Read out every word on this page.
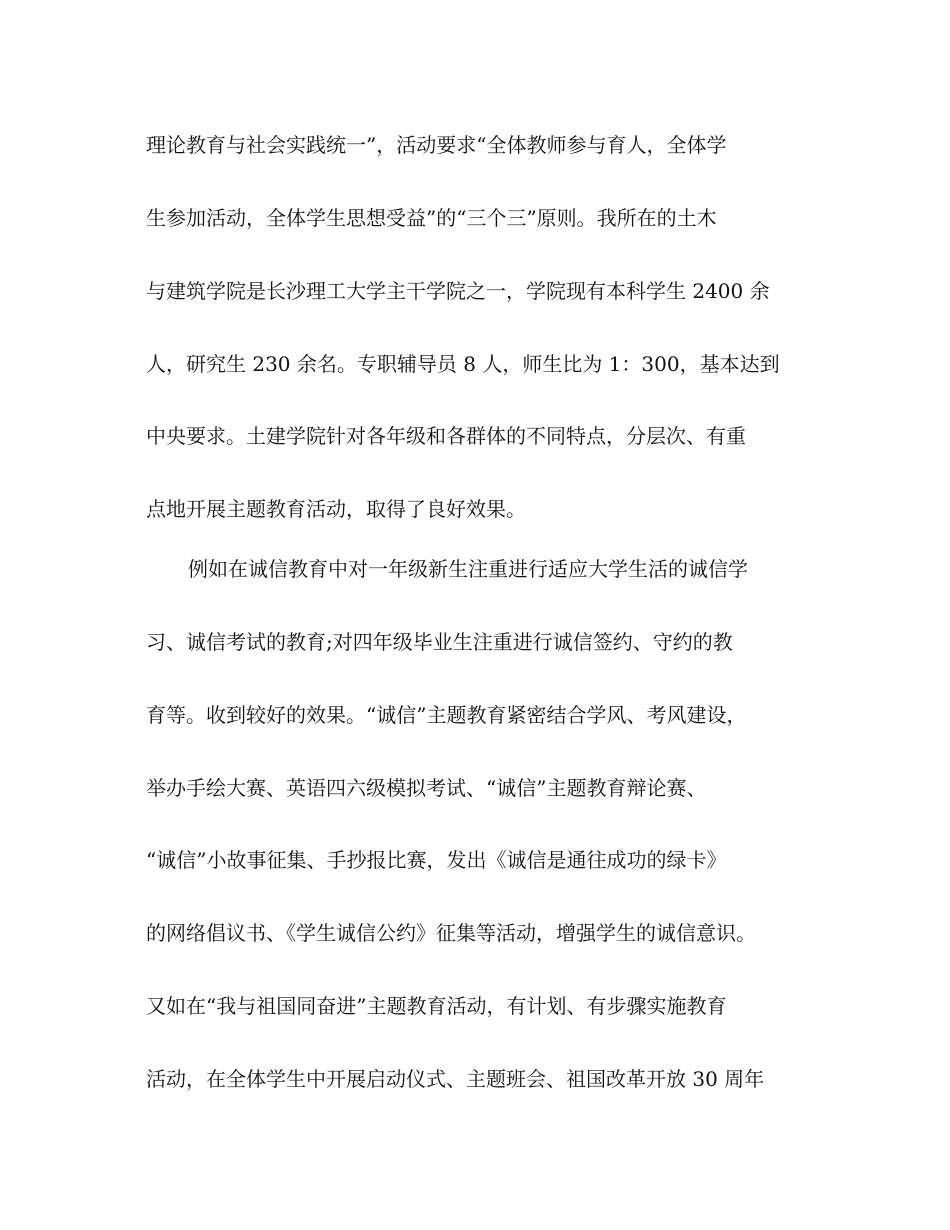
理论教育与社会实践统一”，活动要求“全体教师参与育人，全体学
生参加活动，全体学生思想受益”的“三个三”原则。我所在的土木
与建筑学院是长沙理工大学主干学院之一，学院现有本科学生 2400 余
人，研究生 230 余名。专职辅导员 8 人，师生比为 1：300，基本达到
中央要求。土建学院针对各年级和各群体的不同特点，分层次、有重
点地开展主题教育活动，取得了良好效果。
例如在诚信教育中对一年级新生注重进行适应大学生活的诚信学
习、诚信考试的教育;对四年级毕业生注重进行诚信签约、守约的教
育等。收到较好的效果。“诚信”主题教育紧密结合学风、考风建设，
举办手绘大赛、英语四六级模拟考试、“诚信”主题教育辩论赛、
“诚信”小故事征集、手抄报比赛，发出《诚信是通往成功的绿卡》
的网络倡议书、《学生诚信公约》征集等活动，增强学生的诚信意识。
又如在“我与祖国同奋进”主题教育活动，有计划、有步骤实施教育
活动，在全体学生中开展启动仪式、主题班会、祖国改革开放 30 周年
